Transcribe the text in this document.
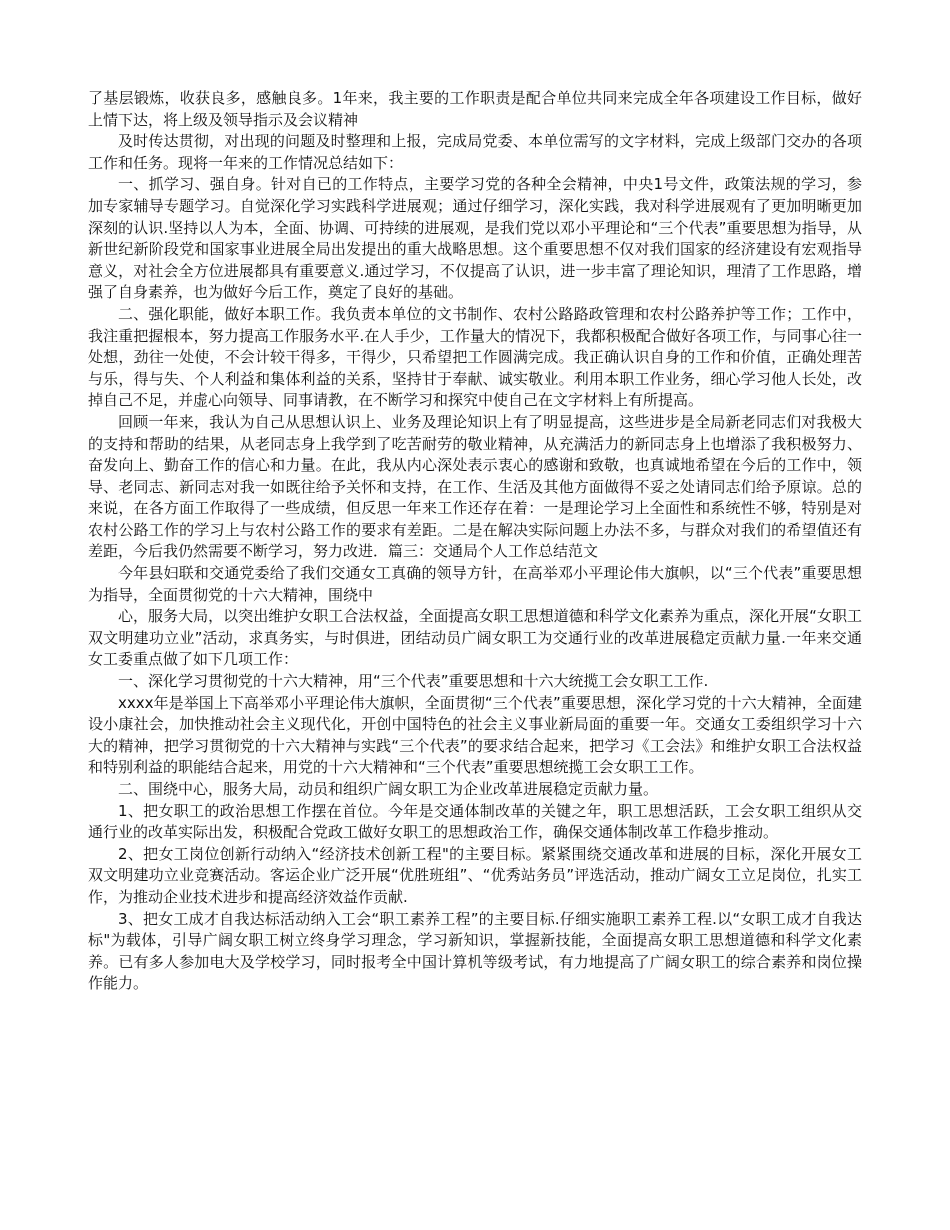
了基层锻炼，收获良多，感触良多。1年来，我主要的工作职责是配合单位共同来完成全年各项建设工作目标，做好上情下达，将上级及领导指示及会议精神

及时传达贯彻，对出现的问题及时整理和上报，完成局党委、本单位需写的文字材料，完成上级部门交办的各项工作和任务。现将一年来的工作情况总结如下：

一、抓学习、强自身。针对自已的工作特点，主要学习党的各种全会精神，中央1号文件，政策法规的学习，参加专家辅导专题学习。自觉深化学习实践科学进展观；通过仔细学习，深化实践，我对科学进展观有了更加明晰更加深刻的认识.坚持以人为本，全面、协调、可持续的进展观，是我们党以邓小平理论和“三个代表”重要思想为指导，从新世纪新阶段党和国家事业进展全局出发提出的重大战略思想。这个重要思想不仅对我们国家的经济建设有宏观指导意义，对社会全方位进展都具有重要意义.通过学习，不仅提高了认识，进一步丰富了理论知识，理清了工作思路，增强了自身素养，也为做好今后工作，奠定了良好的基础。

二、强化职能，做好本职工作。我负责本单位的文书制作、农村公路路政管理和农村公路养护等工作；工作中，我注重把握根本，努力提高工作服务水平.在人手少，工作量大的情况下，我都积极配合做好各项工作，与同事心往一处想，劲往一处使，不会计较干得多，干得少，只希望把工作圆满完成。我正确认识自身的工作和价值，正确处理苦与乐，得与失、个人利益和集体利益的关系，坚持甘于奉献、诚实敬业。利用本职工作业务，细心学习他人长处，改掉自己不足，并虚心向领导、同事请教，在不断学习和探究中使自己在文字材料上有所提高。

回顾一年来，我认为自己从思想认识上、业务及理论知识上有了明显提高，这些进步是全局新老同志们对我极大的支持和帮助的结果，从老同志身上我学到了吃苦耐劳的敬业精神，从充满活力的新同志身上也增添了我积极努力、奋发向上、勤奋工作的信心和力量。在此，我从内心深处表示衷心的感谢和致敬，也真诚地希望在今后的工作中，领导、老同志、新同志对我一如既往给予关怀和支持，在工作、生活及其他方面做得不妥之处请同志们给予原谅。总的来说，在各方面工作取得了一些成绩，但反思一年来工作还存在着：一是理论学习上全面性和系统性不够，特别是对农村公路工作的学习上与农村公路工作的要求有差距。二是在解决实际问题上办法不多，与群众对我们的希望值还有差距，今后我仍然需要不断学习，努力改进．篇三：交通局个人工作总结范文

今年县妇联和交通党委给了我们交通女工真确的领导方针，在高举邓小平理论伟大旗帜，以“三个代表”重要思想为指导，全面贯彻党的十六大精神，围绕中

心，服务大局，以突出维护女职工合法权益，全面提高女职工思想道德和科学文化素养为重点，深化开展“女职工双文明建功立业”活动，求真务实，与时俱进，团结动员广阔女职工为交通行业的改革进展稳定贡献力量.一年来交通女工委重点做了如下几项工作：

一、深化学习贯彻党的十六大精神，用“三个代表”重要思想和十六大统揽工会女职工工作.

xxxx年是举国上下高举邓小平理论伟大旗帜，全面贯彻“三个代表”重要思想，深化学习党的十六大精神，全面建设小康社会，加快推动社会主义现代化，开创中国特色的社会主义事业新局面的重要一年。交通女工委组织学习十六大的精神，把学习贯彻党的十六大精神与实践“三个代表”的要求结合起来，把学习《工会法》和维护女职工合法权益和特别利益的职能结合起来，用党的十六大精神和“三个代表”重要思想统揽工会女职工工作。

二、围绕中心，服务大局，动员和组织广阔女职工为企业改革进展稳定贡献力量。

1、把女职工的政治思想工作摆在首位。今年是交通体制改革的关键之年，职工思想活跃，工会女职工组织从交通行业的改革实际出发，积极配合党政工做好女职工的思想政治工作，确保交通体制改革工作稳步推动。

2、把女工岗位创新行动纳入“经济技术创新工程"的主要目标。紧紧围绕交通改革和进展的目标，深化开展女工双文明建功立业竞赛活动。客运企业广泛开展“优胜班组”、“优秀站务员”评选活动，推动广阔女工立足岗位，扎实工作，为推动企业技术进步和提高经济效益作贡献.

3、把女工成才自我达标活动纳入工会“职工素养工程”的主要目标.仔细实施职工素养工程.以“女职工成才自我达标"为载体，引导广阔女职工树立终身学习理念，学习新知识，掌握新技能，全面提高女职工思想道德和科学文化素养。已有多人参加电大及学校学习，同时报考全中国计算机等级考试，有力地提高了广阔女职工的综合素养和岗位操作能力。
